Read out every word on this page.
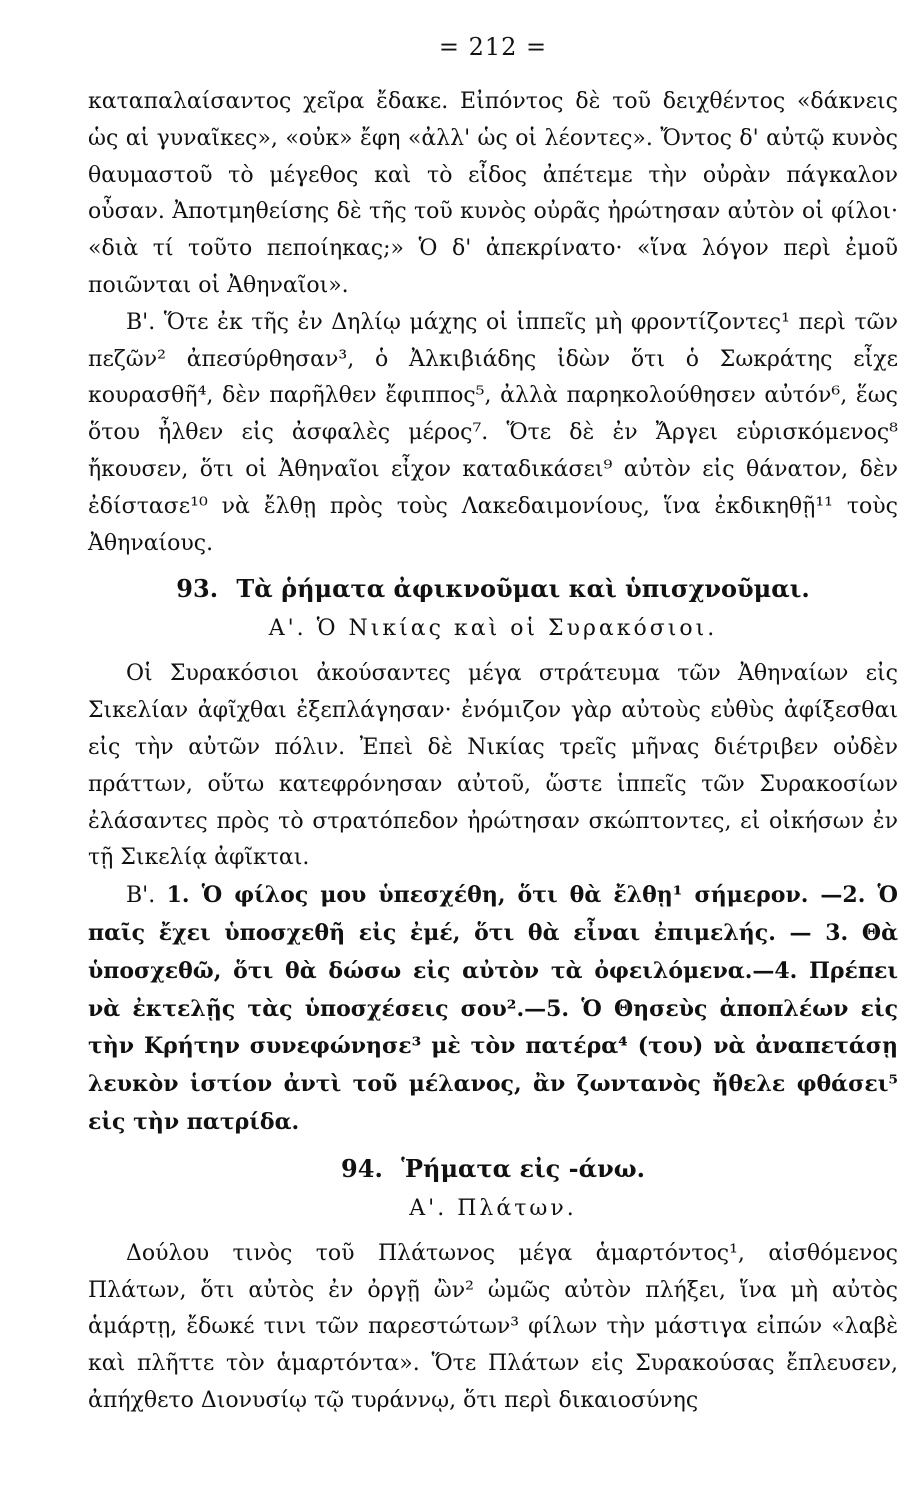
= 212 =

καταπαλαίσαντος χεῖρα ἔδακε. Εἰπόντος δὲ τοῦ δειχθέντος «δάκνεις ὡς αἱ γυναῖκες», «οὐκ» ἔφη «ἀλλ' ὡς οἱ λέοντες». Ὄντος δ' αὐτῷ κυνὸς θαυμαστοῦ τὸ μέγεθος καὶ τὸ εἶδος ἀπέτεμε τὴν οὐρὰν πάγκαλον οὖσαν. Ἀποτμηθείσης δὲ τῆς τοῦ κυνὸς οὐρᾶς ἠρώτησαν αὐτὸν οἱ φίλοι· «διὰ τί τοῦτο πεποίηκας;» Ὁ δ' ἀπεκρίνατο· «ἵνα λόγον περὶ ἐμοῦ ποιῶνται οἱ Ἀθηναῖοι».

Β'. Ὅτε ἐκ τῆς ἐν Δηλίῳ μάχης οἱ ἱππεῖς μὴ φροντίζοντες¹ περὶ τῶν πεζῶν² ἀπεσύρθησαν³, ὁ Ἀλκιβιάδης ἰδὼν ὅτι ὁ Σωκράτης εἶχε κουρασθῆ⁴, δὲν παρῆλθεν ἔφιππος⁵, ἀλλὰ παρηκολούθησεν αὐτόν⁶, ἕως ὅτου ἦλθεν εἰς ἀσφαλὲς μέρος⁷. Ὅτε δὲ ἐν Ἄργει εὑρισκόμενος⁸ ἤκουσεν, ὅτι οἱ Ἀθηναῖοι εἶχον καταδικάσει⁹ αὐτὸν εἰς θάνατον, δὲν ἐδίστασε¹⁰ νὰ ἔλθῃ πρὸς τοὺς Λακεδαιμονίους, ἵνα ἐκδικηθῇ¹¹ τοὺς Ἀθηναίους.

93. Τὰ ῥήματα ἀφικνοῦμαι καὶ ὑπισχνοῦμαι.
Α'. Ὁ Νικίας καὶ οἱ Συρακόσιοι.

Οἱ Συρακόσιοι ἀκούσαντες μέγα στράτευμα τῶν Ἀθηναίων εἰς Σικελίαν ἀφῖχθαι ἐξεπλάγησαν· ἐνόμιζον γὰρ αὐτοὺς εὐθὺς ἀφίξεσθαι εἰς τὴν αὐτῶν πόλιν. Ἐπεὶ δὲ Νικίας τρεῖς μῆνας διέτριβεν οὐδὲν πράττων, οὕτω κατεφρόνησαν αὐτοῦ, ὥστε ἱππεῖς τῶν Συρακοσίων ἐλάσαντες πρὸς τὸ στρατόπεδον ἠρώτησαν σκώπτοντες, εἰ οἰκήσων ἐν τῇ Σικελίᾳ ἀφῖκται.

Β'. 1. Ὁ φίλος μου ὑπεσχέθη, ὅτι θὰ ἔλθῃ¹ σήμερον. —2. Ὁ παῖς ἔχει ὑποσχεθῆ εἰς ἐμέ, ὅτι θὰ εἶναι ἐπιμελής. — 3. Θὰ ὑποσχεθῶ, ὅτι θὰ δώσω εἰς αὐτὸν τὰ ὀφειλόμενα.—4. Πρέπει νὰ ἐκτελῇς τὰς ὑποσχέσεις σου².—5. Ὁ Θησεὺς ἀποπλέων εἰς τὴν Κρήτην συνεφώνησε³ μὲ τὸν πατέρα⁴ (του) νὰ ἀναπετάσῃ λευκὸν ἱστίον ἀντὶ τοῦ μέλανος, ἂν ζωντανὸς ἤθελε φθάσει⁵ εἰς τὴν πατρίδα.

94. Ῥήματα εἰς -άνω.
Α'. Πλάτων.

Δούλου τινὸς τοῦ Πλάτωνος μέγα ἁμαρτόντος¹, αἰσθόμενος Πλάτων, ὅτι αὐτὸς ἐν ὀργῇ ὢν² ὠμῶς αὐτὸν πλήξει, ἵνα μὴ αὐτὸς ἁμάρτῃ, ἔδωκέ τινι τῶν παρεστώτων³ φίλων τὴν μάστιγα εἰπών «λαβὲ καὶ πλῆττε τὸν ἁμαρτόντα». Ὅτε Πλάτων εἰς Συρακούσας ἔπλευσεν, ἀπήχθετο Διονυσίῳ τῷ τυράννῳ, ὅτι περὶ δικαιοσύνης
